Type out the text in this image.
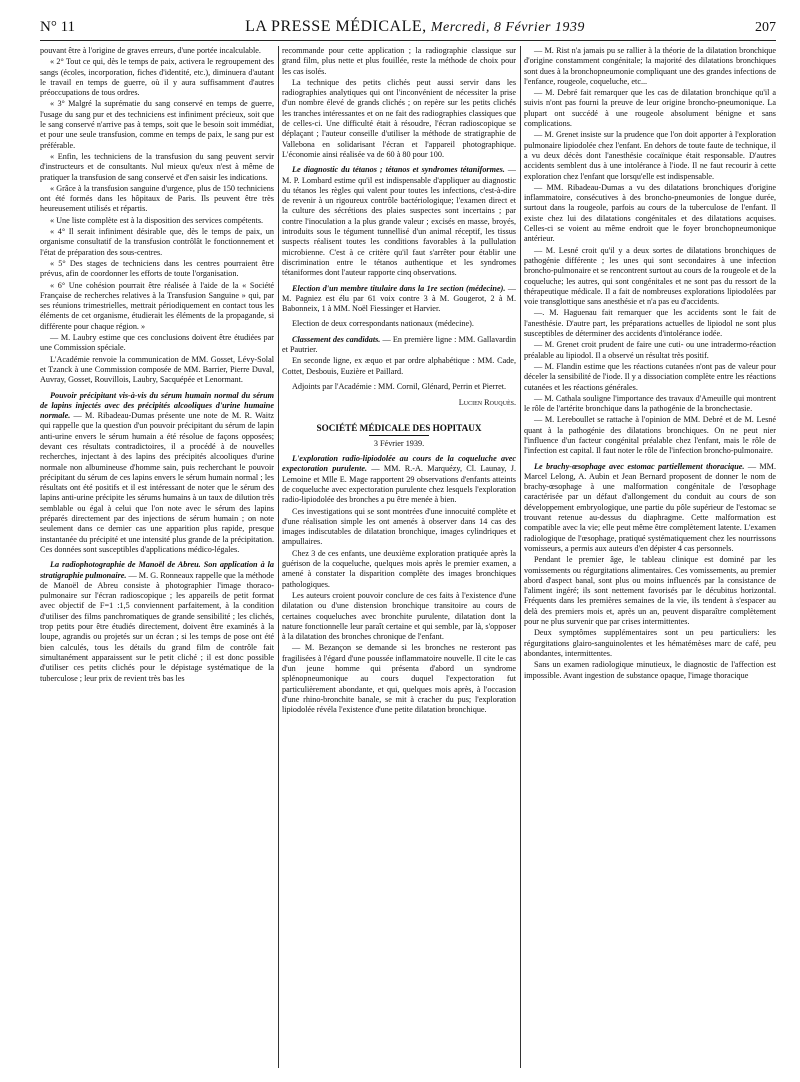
N° 11	LA PRESSE MÉDICALE, Mercredi, 8 Février 1939	207

pouvant être à l'origine de graves erreurs, d'une portée incalculable.

« 2° Tout ce qui, dès le temps de paix, activera le regroupement des sangs (écoles, incorporation, fiches d'identité, etc.), diminuera d'autant le travail en temps de guerre, où il y aura suffisamment d'autres préoccupations de tous ordres.

« 3° Malgré la suprématie du sang conservé en temps de guerre, l'usage du sang pur et des techniciens est infiniment précieux, soit que le sang conservé n'arrive pas à temps, soit que le besoin soit immédiat, et pour une seule transfusion, comme en temps de paix, le sang pur est préférable.

« Enfin, les techniciens de la transfusion du sang peuvent servir d'instructeurs et de consultants. Nul mieux qu'eux n'est à même de pratiquer la transfusion de sang conservé et d'en saisir les indications.

« Grâce à la transfusion sanguine d'urgence, plus de 150 techniciens ont été formés dans les hôpitaux de Paris. Ils peuvent être très heureusement utilisés et répartis.

« Une liste complète est à la disposition des services compétents.

« 4° Il serait infiniment désirable que, dès le temps de paix, un organisme consultatif de la transfusion contrôlât le fonctionnement et l'état de préparation des sous-centres.

« 5° Des stages de techniciens dans les centres pourraient être prévus, afin de coordonner les efforts de toute l'organisation.

« 6° Une cohésion pourrait être réalisée à l'aide de la « Société Française de recherches relatives à la Transfusion Sanguine » qui, par ses réunions trimestrielles, mettrait périodiquement en contact tous les éléments de cet organisme, étudierait les éléments de la propagande, si différente pour chaque région. »

— M. Laubry estime que ces conclusions doivent être étudiées par une Commission spéciale.

L'Académie renvoie la communication de MM. Gosset, Lévy-Solal et Tzanck à une Commission composée de MM. Barrier, Pierre Duval, Auvray, Gosset, Rouvillois, Laubry, Sacquépée et Lenormant.

Pouvoir précipitant vis-à-vis du sérum humain normal du sérum de lapins injectés avec des précipités alcooliques d'urine humaine normale. — M. Ribadeau-Dumas présente une note de M. R. Waitz qui rappelle que la question d'un pouvoir précipitant du sérum de lapin anti-urine envers le sérum humain a été résolue de façons opposées; devant ces résultats contradictoires, il a procédé à de nouvelles recherches, injectant à des lapins des précipités alcooliques d'urine normale non albumineuse d'homme sain, puis recherchant le pouvoir précipitant du sérum de ces lapins envers le sérum humain normal ; les résultats ont été positifs et il est intéressant de noter que le sérum des lapins anti-urine précipite les sérums humains à un taux de dilution très semblable ou égal à celui que l'on note avec le sérum des lapins préparés directement par des injections de sérum humain ; on note seulement dans ce dernier cas une apparition plus rapide, presque instantanée du précipité et une intensité plus grande de la précipitation. Ces données sont susceptibles d'applications médico-légales.

La radiophotographie de Manoël de Abreu. Son application à la stratigraphie pulmonaire. — M. G. Ronneaux rappelle que la méthode de Manoël de Abreu consiste à photographier l'image thoraco-pulmonaire sur l'écran radioscopique ; les appareils de petit format avec objectif de F=1 :1,5 conviennent parfaitement, à la condition d'utiliser des films panchromatiques de grande sensibilité ; les clichés, trop petits pour être étudiés directement, doivent être examinés à la loupe, agrandis ou projetés sur un écran ; si les temps de pose ont été bien calculés, tous les détails du grand film de contrôle fait simultanément apparaissent sur le petit cliché ; il est donc possible d'utiliser ces petits clichés pour le dépistage systématique de la tuberculose ; leur prix de revient très bas les

recommande pour cette application ; la radiographie classique sur grand film, plus nette et plus fouillée, reste la méthode de choix pour les cas isolés.

La technique des petits clichés peut aussi servir dans les radiographies analytiques qui ont l'inconvénient de nécessiter la prise d'un nombre élevé de grands clichés ; on repère sur les petits clichés les tranches intéressantes et on ne fait des radiographies classiques que de celles-ci. Une difficulté était à résoudre, l'écran radioscopique se déplaçant ; l'auteur conseille d'utiliser la méthode de stratigraphie de Vallebona en solidarisant l'écran et l'appareil photographique. L'économie ainsi réalisée va de 60 à 80 pour 100.

Le diagnostic du tétanos ; tétanos et syndromes tétaniformes. — M. P. Lombard estime qu'il est indispensable d'appliquer au diagnostic du tétanos les règles qui valent pour toutes les infections, c'est-à-dire de revenir à un rigoureux contrôle bactériologique; l'examen direct et la culture des sécrétions des plaies suspectes sont incertains ; par contre l'inoculation a la plus grande valeur ; excisés en masse, broyés, introduits sous le tégument tunnellisé d'un animal réceptif, les tissus suspects réalisent toutes les conditions favorables à la pullulation microbienne. C'est à ce critère qu'il faut s'arrêter pour établir une discrimination entre le tétanos authentique et les syndromes tétaniformes dont l'auteur rapporte cinq observations.

Election d'un membre titulaire dans la 1re section (médecine). — M. Pagniez est élu par 61 voix contre 3 à M. Gougerot, 2 à M. Babonneix, 1 à MM. Noël Fiessinger et Harvier.

Election de deux correspondants nationaux (médecine).

Classement des candidats. — En première ligne : MM. Gallavardin et Pautrier.

En seconde ligne, ex æquo et par ordre alphabétique : MM. Cade, Cottet, Desbouis, Euzière et Paillard.

Adjoints par l'Académie : MM. Cornil, Glénard, Perrin et Pierret.

Lucien Rouquès.

SOCIÉTÉ MÉDICALE DES HOPITAUX

3 Février 1939.

L'exploration radio-lipiodolée au cours de la coqueluche avec expectoration purulente. — MM. R.-A. Marquézy, Cl. Launay, J. Lemoine et Mlle E. Mage rapportent 29 observations d'enfants atteints de coqueluche avec expectoration purulente chez lesquels l'exploration radio-lipiodolée des bronches a pu être menée à bien.

Ces investigations qui se sont montrées d'une innocuité complète et d'une réalisation simple les ont amenés à observer dans 14 cas des images indiscutables de dilatation bronchique, images cylindriques et ampullaires.

Chez 3 de ces enfants, une deuxième exploration pratiquée après la guérison de la coqueluche, quelques mois après le premier examen, a amené à constater la disparition complète des images bronchiques pathologiques.

Les auteurs croient pouvoir conclure de ces faits à l'existence d'une dilatation ou d'une distension bronchique transitoire au cours de certaines coqueluches avec bronchite purulente, dilatation dont la nature fonctionnelle leur paraît certaine et qui semble, par là, s'opposer à la dilatation des bronches chronique de l'enfant.

— M. Bezançon se demande si les bronches ne resteront pas fragilisées à l'égard d'une poussée inflammatoire nouvelle. Il cite le cas d'un jeune homme qui présenta d'abord un syndrome splénopneumonique au cours duquel l'expectoration fut particulièrement abondante, et qui, quelques mois après, à l'occasion d'une rhino-bronchite banale, se mit à cracher du pus; l'exploration lipiodolée révéla l'existence d'une petite dilatation bronchique.

— M. Rist n'a jamais pu se rallier à la théorie de la dilatation bronchique d'origine constamment congénitale; la majorité des dilatations bronchiques sont dues à la bronchopneumonie compliquant une des grandes infections de l'enfance, rougeole, coqueluche, etc...

— M. Debré fait remarquer que les cas de dilatation bronchique qu'il a suivis n'ont pas fourni la preuve de leur origine broncho-pneumonique. La plupart ont succédé à une rougeole absolument bénigne et sans complications.

— M. Grenet insiste sur la prudence que l'on doit apporter à l'exploration pulmonaire lipiodolée chez l'enfant. En dehors de toute faute de technique, il a vu deux décès dont l'anesthésie cocaïnique était responsable. D'autres accidents semblent dus à une intolérance à l'iode. Il ne faut recourir à cette exploration chez l'enfant que lorsqu'elle est indispensable.

— MM. Ribadeau-Dumas a vu des dilatations bronchiques d'origine inflammatoire, consécutives à des broncho-pneumonies de longue durée, surtout dans la rougeole, parfois au cours de la tuberculose de l'enfant. Il existe chez lui des dilatations congénitales et des dilatations acquises. Celles-ci se voient au même endroit que le foyer bronchopneumonique antérieur.

— M. Lesné croit qu'il y a deux sortes de dilatations bronchiques de pathogénie différente ; les unes qui sont secondaires à une infection broncho-pulmonaire et se rencontrent surtout au cours de la rougeole et de la coqueluche; les autres, qui sont congénitales et ne sont pas du ressort de la thérapeutique médicale. Il a fait de nombreuses explorations lipiodolées par voie transglottique sans anesthésie et n'a pas eu d'accidents.

—. M. Haguenau fait remarquer que les accidents sont le fait de l'anesthésie. D'autre part, les préparations actuelles de lipiodol ne sont plus susceptibles de déterminer des accidents d'intolérance iodée.

— M. Grenet croit prudent de faire une cuti- ou une intradermo-réaction préalable au lipiodol. Il a observé un résultat très positif.

— M. Flandin estime que les réactions cutanées n'ont pas de valeur pour déceler la sensibilité de l'iode. Il y a dissociation complète entre les réactions cutanées et les réactions générales.

— M. Cathala souligne l'importance des travaux d'Ameuille qui montrent le rôle de l'artérite bronchique dans la pathogénie de la bronchectasie.

— M. Lereboullet se rattache à l'opinion de MM. Debré et de M. Lesné quant à la pathogénie des dilatations bronchiques. On ne peut nier l'influence d'un facteur congénital préalable chez l'enfant, mais le rôle de l'infection est capital. Il faut noter le rôle de l'infection broncho-pulmonaire.

Le brachy-œsophage avec estomac partiellement thoracique. — MM. Marcel Lelong, A. Aubin et Jean Bernard proposent de donner le nom de brachy-œsophage à une malformation congénitale de l'œsophage caractérisée par un défaut d'allongement du conduit au cours de son développement embryologique, une partie du pôle supérieur de l'estomac se trouvant retenue au-dessus du diaphragme. Cette malformation est compatible avec la vie; elle peut même être complètement latente. L'examen radiologique de l'œsophage, pratiqué systématiquement chez les nourrissons vomisseurs, a permis aux auteurs d'en dépister 4 cas personnels.

Pendant le premier âge, le tableau clinique est dominé par les vomissements ou régurgitations alimentaires. Ces vomissements, au premier abord d'aspect banal, sont plus ou moins influencés par la consistance de l'aliment ingéré; ils sont nettement favorisés par le décubitus horizontal. Fréquents dans les premières semaines de la vie, ils tendent à s'espacer au delà des premiers mois et, après un an, peuvent disparaître complètement pour ne plus survenir que par crises intermittentes.

Deux symptômes supplémentaires sont un peu particuliers: les régurgitations glairo-sanguinolentes et les hématémèses marc de café, peu abondantes, intermittentes.

Sans un examen radiologique minutieux, le diagnostic de l'affection est impossible. Avant ingestion de substance opaque, l'image thoracique
